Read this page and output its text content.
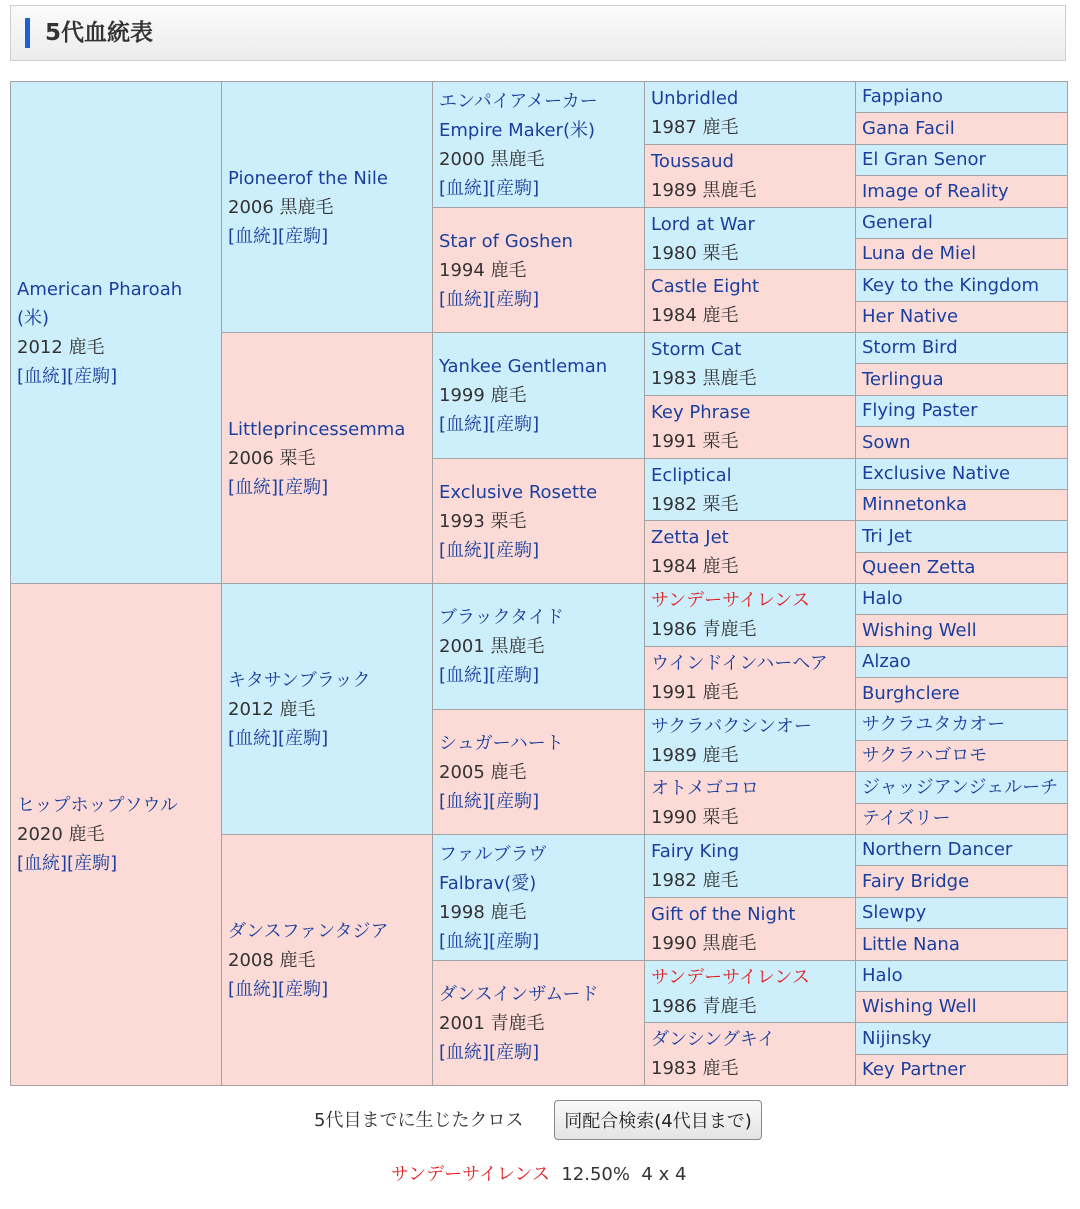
5代血統表
American Pharoah
(米)
2012 鹿毛
[血統][産駒]
ヒップホップソウル
2020 鹿毛
[血統][産駒]
Pioneerof the Nile
2006 黒鹿毛
[血統][産駒]
Littleprincessemma
2006 栗毛
[血統][産駒]
キタサンブラック
2012 鹿毛
[血統][産駒]
ダンスファンタジア
2008 鹿毛
[血統][産駒]
エンパイアメーカー
Empire Maker(米)
2000 黒鹿毛
[血統][産駒]
Star of Goshen
1994 鹿毛
[血統][産駒]
Yankee Gentleman
1999 鹿毛
[血統][産駒]
Exclusive Rosette
1993 栗毛
[血統][産駒]
ブラックタイド
2001 黒鹿毛
[血統][産駒]
シュガーハート
2005 鹿毛
[血統][産駒]
ファルブラヴ
Falbrav(愛)
1998 鹿毛
[血統][産駒]
ダンスインザムード
2001 青鹿毛
[血統][産駒]
Unbridled
1987 鹿毛
Toussaud
1989 黒鹿毛
Lord at War
1980 栗毛
Castle Eight
1984 鹿毛
Storm Cat
1983 黒鹿毛
Key Phrase
1991 栗毛
Ecliptical
1982 栗毛
Zetta Jet
1984 鹿毛
サンデーサイレンス
1986 青鹿毛
ウインドインハーヘア
1991 鹿毛
サクラバクシンオー
1989 鹿毛
オトメゴコロ
1990 栗毛
Fairy King
1982 鹿毛
Gift of the Night
1990 黒鹿毛
サンデーサイレンス
1986 青鹿毛
ダンシングキイ
1983 鹿毛
Fappiano
Gana Facil
El Gran Senor
Image of Reality
General
Luna de Miel
Key to the Kingdom
Her Native
Storm Bird
Terlingua
Flying Paster
Sown
Exclusive Native
Minnetonka
Tri Jet
Queen Zetta
Halo
Wishing Well
Alzao
Burghclere
サクラユタカオー
サクラハゴロモ
ジャッジアンジェルーチ
テイズリー
Northern Dancer
Fairy Bridge
Slewpy
Little Nana
Halo
Wishing Well
Nijinsky
Key Partner
5代目までに生じたクロス	同配合検索(4代目まで)
サンデーサイレンス 12.50% 4 x 4
